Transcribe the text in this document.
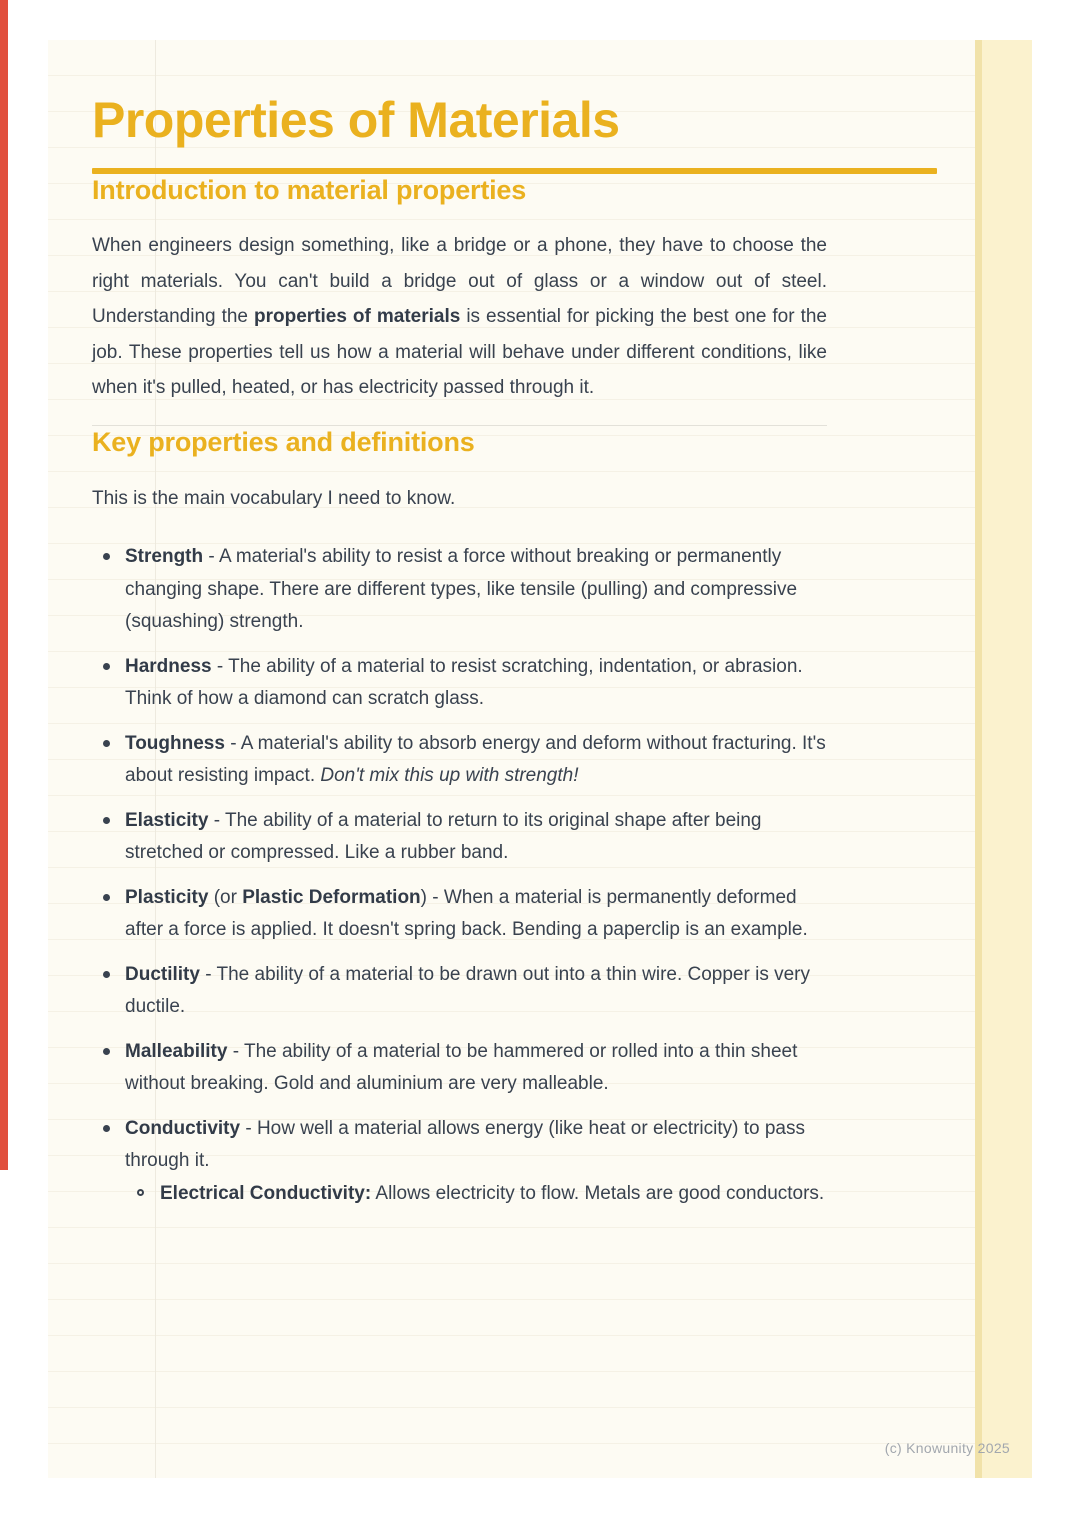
Properties of Materials
Introduction to material properties

When engineers design something, like a bridge or a phone, they have to choose the right materials. You can't build a bridge out of glass or a window out of steel. Understanding the properties of materials is essential for picking the best one for the job. These properties tell us how a material will behave under different conditions, like when it's pulled, heated, or has electricity passed through it.

Key properties and definitions

This is the main vocabulary I need to know.

Strength - A material's ability to resist a force without breaking or permanently changing shape. There are different types, like tensile (pulling) and compressive (squashing) strength.
Hardness - The ability of a material to resist scratching, indentation, or abrasion. Think of how a diamond can scratch glass.
Toughness - A material's ability to absorb energy and deform without fracturing. It's about resisting impact. Don't mix this up with strength!
Elasticity - The ability of a material to return to its original shape after being stretched or compressed. Like a rubber band.
Plasticity (or Plastic Deformation) - When a material is permanently deformed after a force is applied. It doesn't spring back. Bending a paperclip is an example.
Ductility - The ability of a material to be drawn out into a thin wire. Copper is very ductile.
Malleability - The ability of a material to be hammered or rolled into a thin sheet without breaking. Gold and aluminium are very malleable.
Conductivity - How well a material allows energy (like heat or electricity) to pass through it.
Electrical Conductivity: Allows electricity to flow. Metals are good conductors.
(c) Knowunity 2025
